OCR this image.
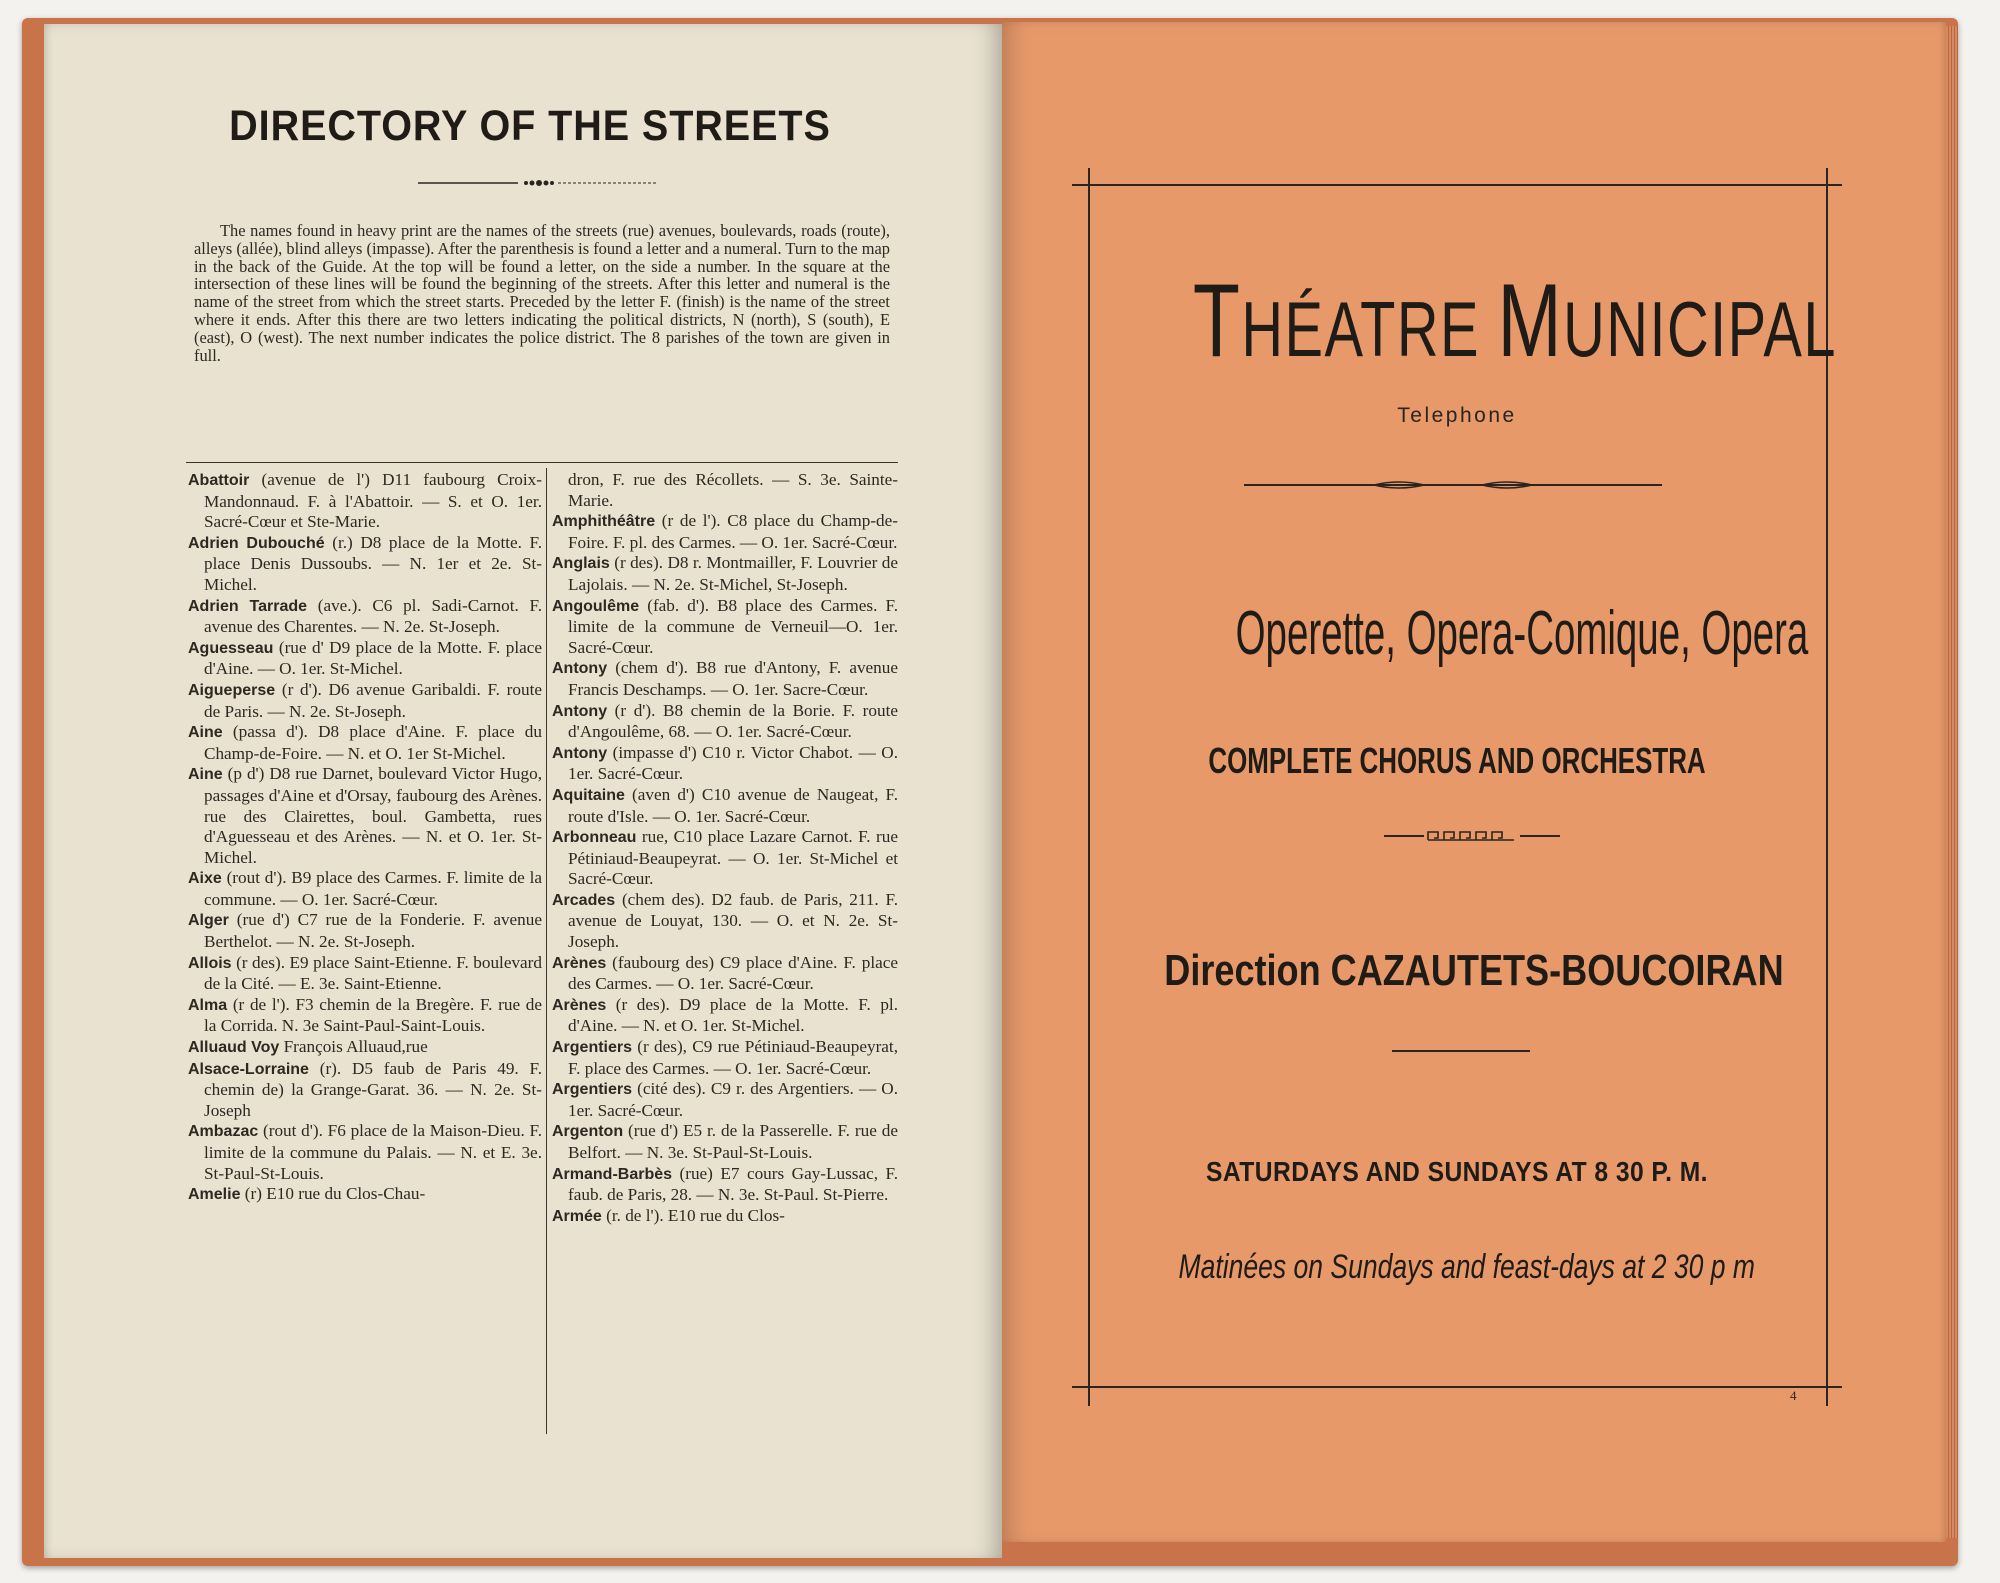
DIRECTORY OF THE STREETS
The names found in heavy print are the names of the streets (rue) avenues, boulevards, roads (route), alleys (allée), blind alleys (impasse). After the parenthesis is found a letter and a numeral. Turn to the map in the back of the Guide. At the top will be found a letter, on the side a number. In the square at the intersection of these lines will be found the beginning of the streets. After this letter and numeral is the name of the street from which the street starts. Preceded by the letter F. (finish) is the name of the street where it ends. After this there are two letters indicating the political districts, N (north), S (south), E (east), O (west). The next number indicates the police district. The 8 parishes of the town are given in full.

Abattoir (avenue de l') D11 faubourg Croix-Mandonnaud. F. à l'Abattoir. — S. et O. 1er. Sacré-Cœur et Ste-Marie.

Adrien Dubouché (r.) D8 place de la Motte. F. place Denis Dussoubs. — N. 1er et 2e. St-Michel.

Adrien Tarrade (ave.). C6 pl. Sadi-Carnot. F. avenue des Charentes. — N. 2e. St-Joseph.

Aguesseau (rue d' D9 place de la Motte. F. place d'Aine. — O. 1er. St-Michel.

Aigueperse (r d'). D6 avenue Garibaldi. F. route de Paris. — N. 2e. St-Joseph.

Aine (passa d'). D8 place d'Aine. F. place du Champ-de-Foire. — N. et O. 1er St-Michel.

Aine (p d') D8 rue Darnet, boulevard Victor Hugo, passages d'Aine et d'Orsay, faubourg des Arènes. rue des Clairettes, boul. Gambetta, rues d'Aguesseau et des Arènes. — N. et O. 1er. St-Michel.

Aixe (rout d'). B9 place des Carmes. F. limite de la commune. — O. 1er. Sacré-Cœur.

Alger (rue d') C7 rue de la Fonderie. F. avenue Berthelot. — N. 2e. St-Joseph.

Allois (r des). E9 place Saint-Etienne. F. boulevard de la Cité. — E. 3e. Saint-Etienne.

Alma (r de l'). F3 chemin de la Bregère. F. rue de la Corrida. N. 3e Saint-Paul-Saint-Louis.

Alluaud Voy François Alluaud,rue

Alsace-Lorraine (r). D5 faub de Paris 49. F. chemin de) la Grange-Garat. 36. — N. 2e. St-Joseph

Ambazac (rout d'). F6 place de la Maison-Dieu. F. limite de la commune du Palais. — N. et E. 3e. St-Paul-St-Louis.

Amelie (r) E10 rue du Clos-Chau-

dron, F. rue des Récollets. — S. 3e. Sainte-Marie.

Amphithéâtre (r de l'). C8 place du Champ-de-Foire. F. pl. des Carmes. — O. 1er. Sacré-Cœur.

Anglais (r des). D8 r. Montmailler, F. Louvrier de Lajolais. — N. 2e. St-Michel, St-Joseph.

Angoulême (fab. d'). B8 place des Carmes. F. limite de la commune de Verneuil—O. 1er. Sacré-Cœur.

Antony (chem d'). B8 rue d'Antony, F. avenue Francis Deschamps. — O. 1er. Sacre-Cœur.

Antony (r d'). B8 chemin de la Borie. F. route d'Angoulême, 68. — O. 1er. Sacré-Cœur.

Antony (impasse d') C10 r. Victor Chabot. — O. 1er. Sacré-Cœur.

Aquitaine (aven d') C10 avenue de Naugeat, F. route d'Isle. — O. 1er. Sacré-Cœur.

Arbonneau rue, C10 place Lazare Carnot. F. rue Pétiniaud-Beaupeyrat. — O. 1er. St-Michel et Sacré-Cœur.

Arcades (chem des). D2 faub. de Paris, 211. F. avenue de Louyat, 130. — O. et N. 2e. St-Joseph.

Arènes (faubourg des) C9 place d'Aine. F. place des Carmes. — O. 1er. Sacré-Cœur.

Arènes (r des). D9 place de la Motte. F. pl. d'Aine. — N. et O. 1er. St-Michel.

Argentiers (r des), C9 rue Pétiniaud-Beaupeyrat, F. place des Carmes. — O. 1er. Sacré-Cœur.

Argentiers (cité des). C9 r. des Argentiers. — O. 1er. Sacré-Cœur.

Argenton (rue d') E5 r. de la Passerelle. F. rue de Belfort. — N. 3e. St-Paul-St-Louis.

Armand-Barbès (rue) E7 cours Gay-Lussac, F. faub. de Paris, 28. — N. 3e. St-Paul. St-Pierre.

Armée (r. de l'). E10 rue du Clos-

THÉATRE MUNICIPAL
Telephone
Operette, Opera-Comique, Opera
COMPLETE CHORUS AND ORCHESTRA
Direction CAZAUTETS-BOUCOIRAN
SATURDAYS AND SUNDAYS AT 8 30 P. M.
Matinées on Sundays and feast-days at 2 30 p m
4
